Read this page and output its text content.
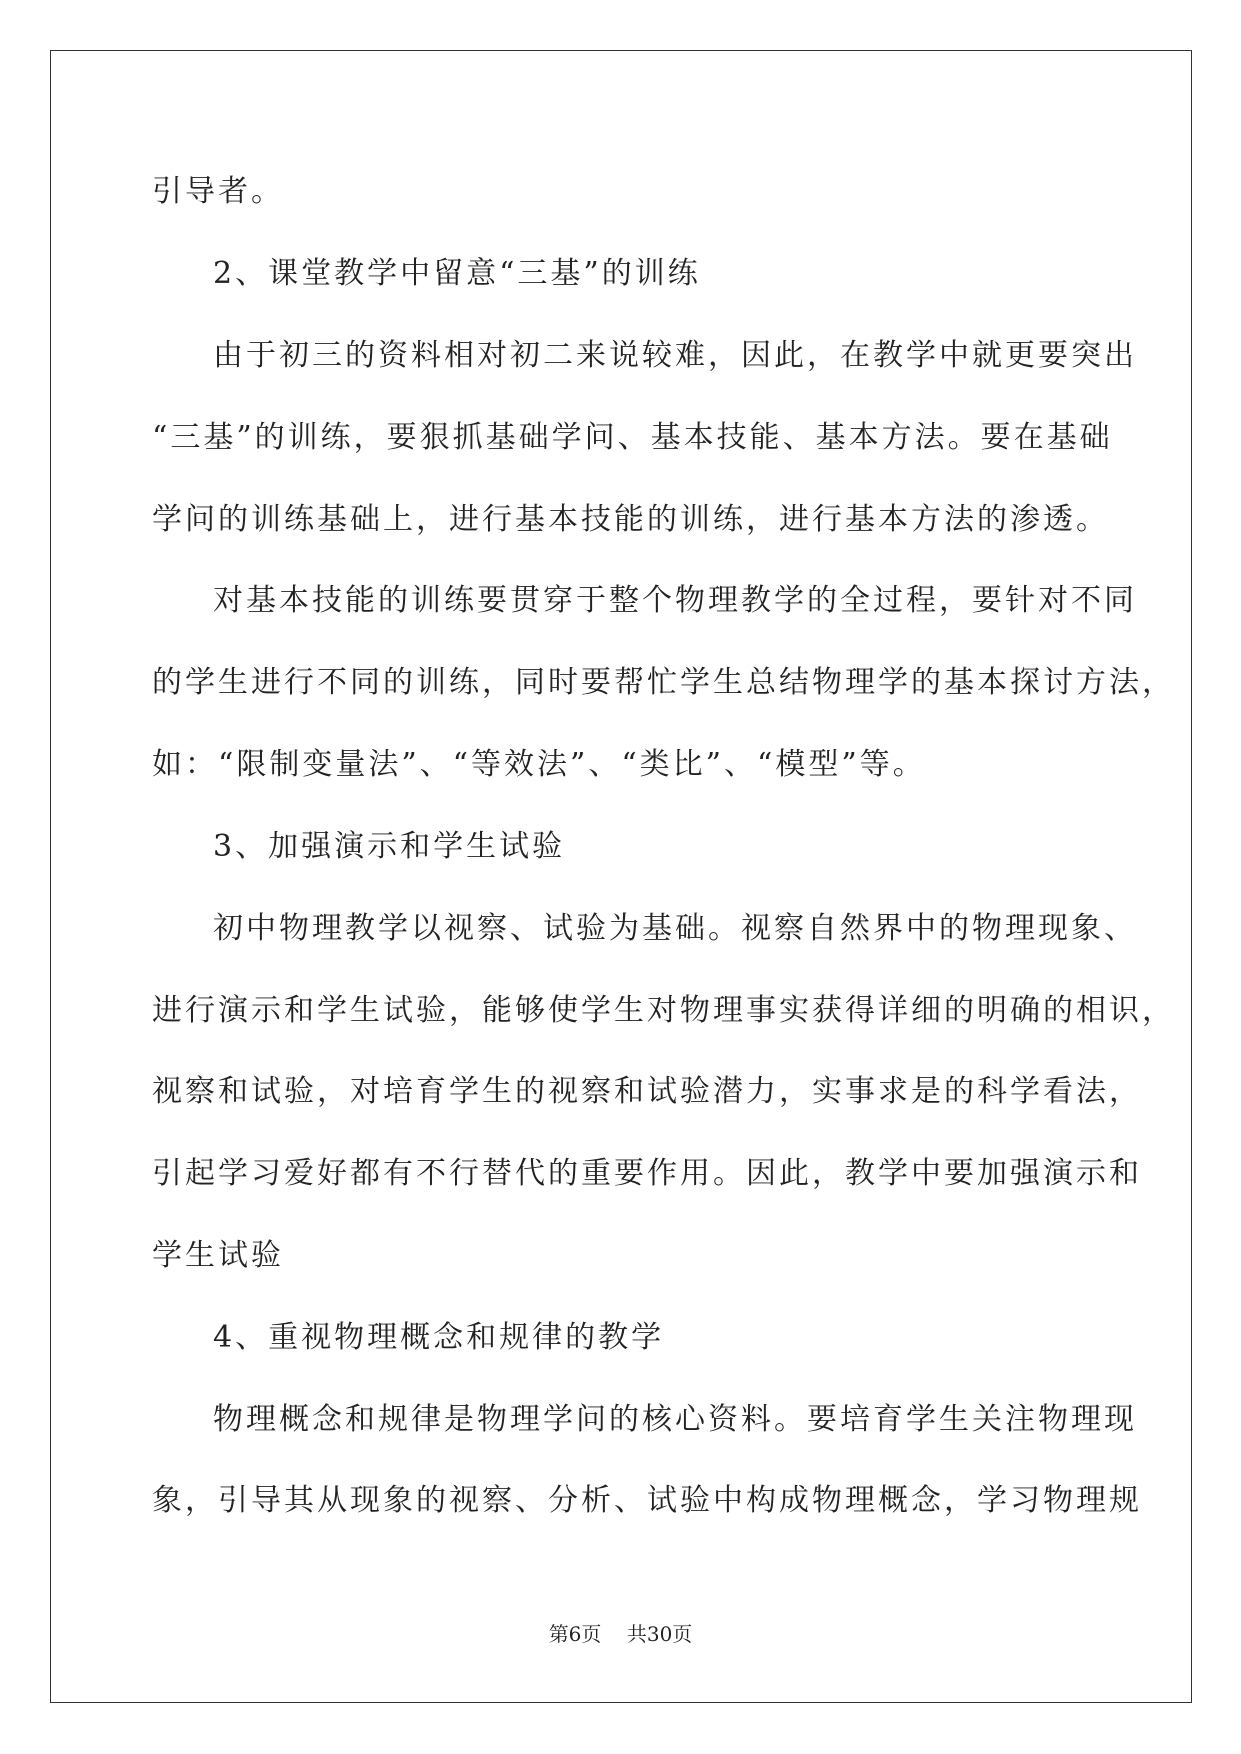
引导者。
2、课堂教学中留意“三基”的训练
由于初三的资料相对初二来说较难，因此，在教学中就更要突出
“三基”的训练，要狠抓基础学问、基本技能、基本方法。要在基础
学问的训练基础上，进行基本技能的训练，进行基本方法的渗透。
对基本技能的训练要贯穿于整个物理教学的全过程，要针对不同
的学生进行不同的训练，同时要帮忙学生总结物理学的基本探讨方法，
如：“限制变量法”、“等效法”、“类比”、“模型”等。
3、加强演示和学生试验
初中物理教学以视察、试验为基础。视察自然界中的物理现象、
进行演示和学生试验，能够使学生对物理事实获得详细的明确的相识，
视察和试验，对培育学生的视察和试验潜力，实事求是的科学看法，
引起学习爱好都有不行替代的重要作用。因此，教学中要加强演示和
学生试验
4、重视物理概念和规律的教学
物理概念和规律是物理学问的核心资料。要培育学生关注物理现
象，引导其从现象的视察、分析、试验中构成物理概念，学习物理规
第6页    共30页
